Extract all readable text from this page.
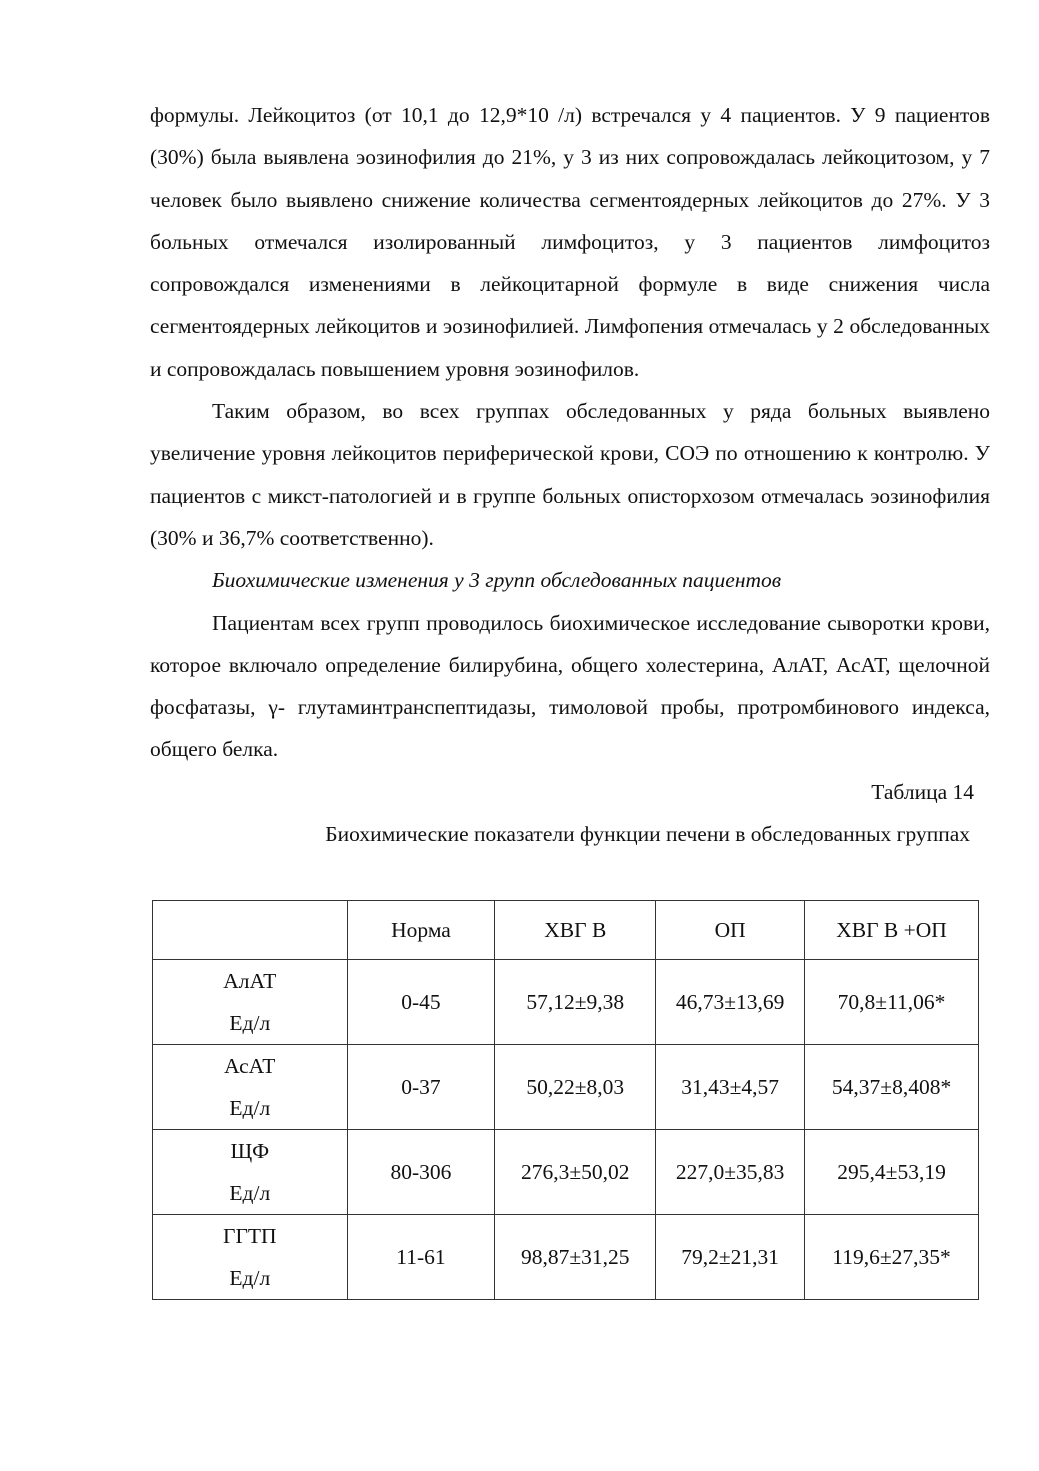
формулы. Лейкоцитоз (от 10,1 до 12,9*10 /л) встречался у 4 пациентов. У 9 пациентов (30%) была выявлена эозинофилия до 21%, у 3 из них сопровождалась лейкоцитозом, у 7 человек было выявлено снижение количества сегментоядерных лейкоцитов до 27%. У 3 больных отмечался изолированный лимфоцитоз, у 3 пациентов лимфоцитоз сопровождался изменениями в лейкоцитарной формуле в виде снижения числа сегментоядерных лейкоцитов и эозинофилией. Лимфопения отмечалась у 2 обследованных и сопровождалась повышением уровня эозинофилов.

Таким образом, во всех группах обследованных у ряда больных выявлено увеличение уровня лейкоцитов периферической крови, СОЭ по отношению к контролю. У пациентов с микст-патологией и в группе больных описторхозом отмечалась эозинофилия (30% и 36,7% соответственно).

Биохимические изменения у 3 групп обследованных пациентов

Пациентам всех групп проводилось биохимическое исследование сыворотки крови, которое включало определение билирубина, общего холестерина, АлАТ, АсАТ, щелочной фосфатазы, γ- глутаминтранспептидазы, тимоловой пробы, протромбинового индекса, общего белка.

Таблица 14

Биохимические показатели функции печени в обследованных группах

	Норма	ХВГ В	ОП	ХВГ В +ОП

АлАТ
Ед/л	0-45	57,12±9,38	46,73±13,69	70,8±11,06*

АсАТ
Ед/л	0-37	50,22±8,03	31,43±4,57	54,37±8,408*

ЩФ
Ед/л	80-306	276,3±50,02	227,0±35,83	295,4±53,19

ГГТП
Ед/л	11-61	98,87±31,25	79,2±21,31	119,6±27,35*
